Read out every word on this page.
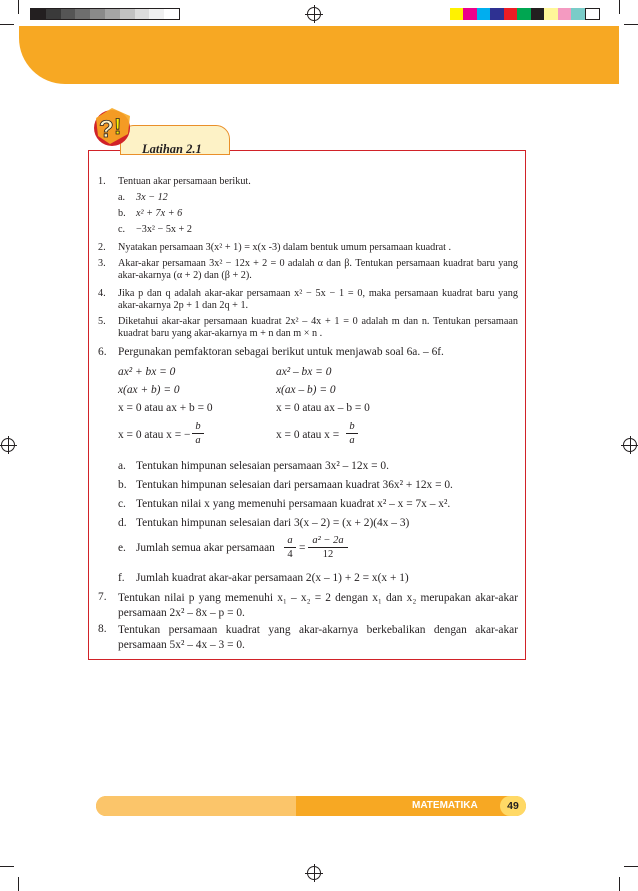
Latihan 2.1
? !
1. Tentuan akar persamaan berikut.
a. 3x − 12
b. x² + 7x + 6
c. −3x² − 5x + 2
2. Nyatakan persamaan 3(x² + 1) = x(x -3) dalam bentuk umum persamaan kuadrat .
3. Akar-akar persamaan 3x² − 12x + 2 = 0 adalah α dan β. Tentukan persamaan kuadrat baru yang akar-akarnya (α + 2) dan (β + 2).
4. Jika p dan q adalah akar-akar persamaan x² − 5x − 1 = 0, maka persamaan kuadrat baru yang akar-akarnya 2p + 1 dan 2q + 1.
5. Diketahui akar-akar persamaan kuadrat 2x² – 4x + 1 = 0 adalah m dan n. Tentukan persamaan kuadrat baru yang akar-akarnya m + n dan m × n .
6. Pergunakan pemfaktoran sebagai berikut untuk menjawab soal 6a. – 6f.
ax² + bx = 0
x(ax + b) = 0
x = 0 atau ax + b = 0
x = 0 atau x = −
b
a
ax² – bx = 0
x(ax – b) = 0
x = 0 atau ax – b = 0
x = 0 atau x =
b
a
a. Tentukan himpunan selesaian persamaan 3x² – 12x = 0.
b. Tentukan himpunan selesaian dari persamaan kuadrat 36x² + 12x = 0.
c. Tentukan nilai x yang memenuhi persamaan kuadrat x² – x = 7x – x².
d. Tentukan himpunan selesaian dari 3(x – 2) = (x + 2)(4x – 3)
e. Jumlah semua akar persamaan
a
4
=
a² − 2a
12
f. Jumlah kuadrat akar-akar persamaan 2(x – 1) + 2 = x(x + 1)
7. Tentukan nilai p yang memenuhi x₁ – x₂ = 2 dengan x₁ dan x₂ merupakan akar-akar persamaan 2x² – 8x – p = 0.
8. Tentukan persamaan kuadrat yang akar-akarnya berkebalikan dengan akar-akar persamaan 5x² – 4x – 3 = 0.
MATEMATIKA	49
